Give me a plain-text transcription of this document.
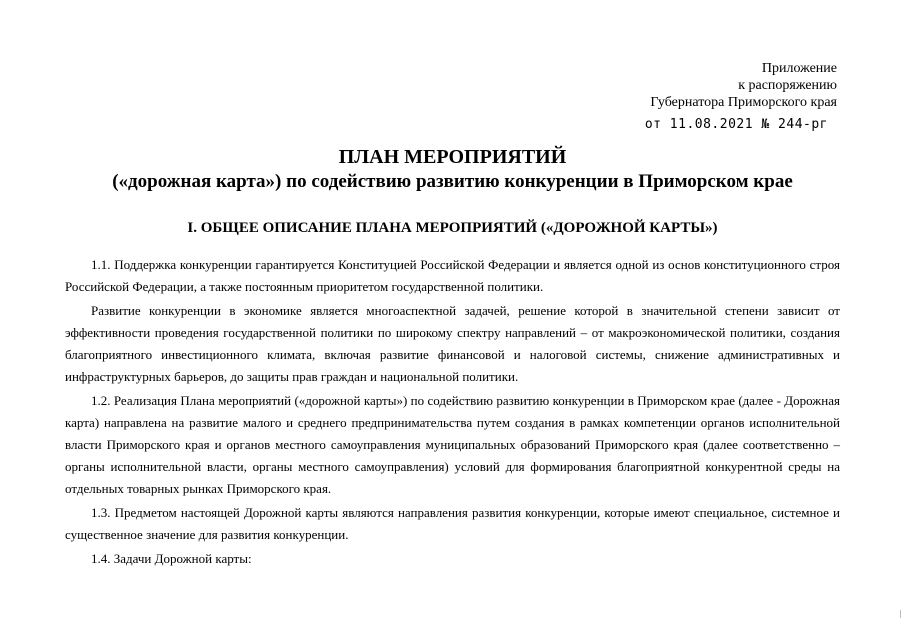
Приложение
к распоряжению
Губернатора Приморского края
от 11.08.2021 № 244-рг
ПЛАН МЕРОПРИЯТИЙ
(«дорожная карта») по содействию развитию конкуренции в Приморском крае
I. ОБЩЕЕ ОПИСАНИЕ ПЛАНА МЕРОПРИЯТИЙ («ДОРОЖНОЙ КАРТЫ»)

1.1. Поддержка конкуренции гарантируется Конституцией Российской Федерации и является одной из основ конституционного строя Российской Федерации, а также постоянным приоритетом государственной политики.

Развитие конкуренции в экономике является многоаспектной задачей, решение которой в значительной степени зависит от эффективности проведения государственной политики по широкому спектру направлений – от макроэкономической политики, создания благоприятного инвестиционного климата, включая развитие финансовой и налоговой системы, снижение административных и инфраструктурных барьеров, до защиты прав граждан и национальной политики.

1.2. Реализация Плана мероприятий («дорожной карты») по содействию развитию конкуренции в Приморском крае (далее - Дорожная карта) направлена на развитие малого и среднего предпринимательства путем создания в рамках компетенции органов исполнительной власти Приморского края и органов местного самоуправления муниципальных образований Приморского края (далее соответственно – органы исполнительной власти, органы местного самоуправления) условий для формирования благоприятной конкурентной среды на отдельных товарных рынках Приморского края.

1.3. Предметом настоящей Дорожной карты являются направления развития конкуренции, которые имеют специальное, системное и существенное значение для развития конкуренции.

1.4. Задачи Дорожной карты:
